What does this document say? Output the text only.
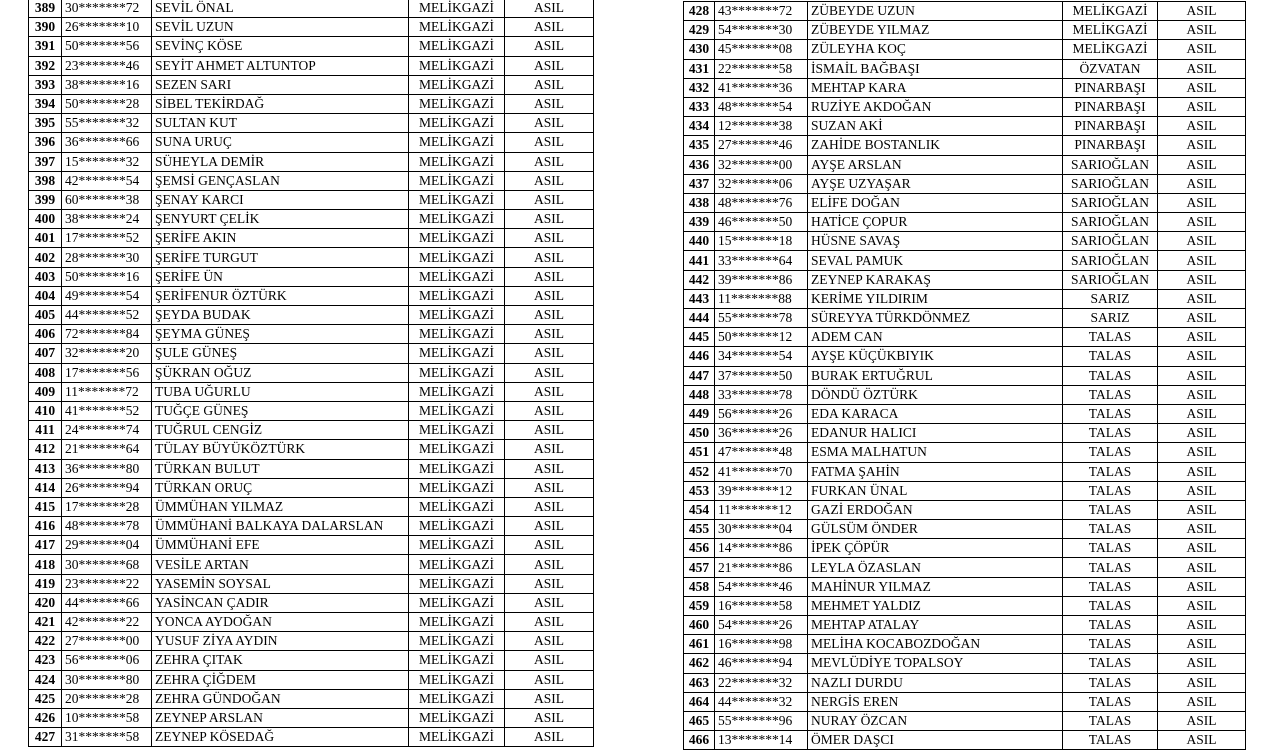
389	30*******72	SEVİL ÖNAL	MELİKGAZİ	ASIL
390	26*******10	SEVİL UZUN	MELİKGAZİ	ASIL
391	50*******56	SEVİNÇ KÖSE	MELİKGAZİ	ASIL
392	23*******46	SEYİT AHMET ALTUNTOP	MELİKGAZİ	ASIL
393	38*******16	SEZEN SARI	MELİKGAZİ	ASIL
394	50*******28	SİBEL TEKİRDAĞ	MELİKGAZİ	ASIL
395	55*******32	SULTAN KUT	MELİKGAZİ	ASIL
396	36*******66	SUNA URUÇ	MELİKGAZİ	ASIL
397	15*******32	SÜHEYLA DEMİR	MELİKGAZİ	ASIL
398	42*******54	ŞEMSİ GENÇASLAN	MELİKGAZİ	ASIL
399	60*******38	ŞENAY KARCI	MELİKGAZİ	ASIL
400	38*******24	ŞENYURT ÇELİK	MELİKGAZİ	ASIL
401	17*******52	ŞERİFE AKIN	MELİKGAZİ	ASIL
402	28*******30	ŞERİFE TURGUT	MELİKGAZİ	ASIL
403	50*******16	ŞERİFE ÜN	MELİKGAZİ	ASIL
404	49*******54	ŞERİFENUR ÖZTÜRK	MELİKGAZİ	ASIL
405	44*******52	ŞEYDA BUDAK	MELİKGAZİ	ASIL
406	72*******84	ŞEYMA GÜNEŞ	MELİKGAZİ	ASIL
407	32*******20	ŞULE GÜNEŞ	MELİKGAZİ	ASIL
408	17*******56	ŞÜKRAN OĞUZ	MELİKGAZİ	ASIL
409	11*******72	TUBA UĞURLU	MELİKGAZİ	ASIL
410	41*******52	TUĞÇE GÜNEŞ	MELİKGAZİ	ASIL
411	24*******74	TUĞRUL CENGİZ	MELİKGAZİ	ASIL
412	21*******64	TÜLAY BÜYÜKÖZTÜRK	MELİKGAZİ	ASIL
413	36*******80	TÜRKAN BULUT	MELİKGAZİ	ASIL
414	26*******94	TÜRKAN ORUÇ	MELİKGAZİ	ASIL
415	17*******28	ÜMMÜHAN YILMAZ	MELİKGAZİ	ASIL
416	48*******78	ÜMMÜHANİ BALKAYA DALARSLAN	MELİKGAZİ	ASIL
417	29*******04	ÜMMÜHANİ EFE	MELİKGAZİ	ASIL
418	30*******68	VESİLE ARTAN	MELİKGAZİ	ASIL
419	23*******22	YASEMİN SOYSAL	MELİKGAZİ	ASIL
420	44*******66	YASİNCAN ÇADIR	MELİKGAZİ	ASIL
421	42*******22	YONCA AYDOĞAN	MELİKGAZİ	ASIL
422	27*******00	YUSUF ZİYA AYDIN	MELİKGAZİ	ASIL
423	56*******06	ZEHRA ÇITAK	MELİKGAZİ	ASIL
424	30*******80	ZEHRA ÇİĞDEM	MELİKGAZİ	ASIL
425	20*******28	ZEHRA GÜNDOĞAN	MELİKGAZİ	ASIL
426	10*******58	ZEYNEP ARSLAN	MELİKGAZİ	ASIL
427	31*******58	ZEYNEP KÖSEDAĞ	MELİKGAZİ	ASIL
428	43*******72	ZÜBEYDE UZUN	MELİKGAZİ	ASIL
429	54*******30	ZÜBEYDE YILMAZ	MELİKGAZİ	ASIL
430	45*******08	ZÜLEYHA KOÇ	MELİKGAZİ	ASIL
431	22*******58	İSMAİL BAĞBAŞI	ÖZVATAN	ASIL
432	41*******36	MEHTAP KARA	PINARBAŞI	ASIL
433	48*******54	RUZİYE AKDOĞAN	PINARBAŞI	ASIL
434	12*******38	SUZAN AKİ	PINARBAŞI	ASIL
435	27*******46	ZAHİDE BOSTANLIK	PINARBAŞI	ASIL
436	32*******00	AYŞE ARSLAN	SARIOĞLAN	ASIL
437	32*******06	AYŞE UZYAŞAR	SARIOĞLAN	ASIL
438	48*******76	ELİFE DOĞAN	SARIOĞLAN	ASIL
439	46*******50	HATİCE ÇOPUR	SARIOĞLAN	ASIL
440	15*******18	HÜSNE SAVAŞ	SARIOĞLAN	ASIL
441	33*******64	SEVAL PAMUK	SARIOĞLAN	ASIL
442	39*******86	ZEYNEP KARAKAŞ	SARIOĞLAN	ASIL
443	11*******88	KERİME YILDIRIM	SARIZ	ASIL
444	55*******78	SÜREYYA TÜRKDÖNMEZ	SARIZ	ASIL
445	50*******12	ADEM CAN	TALAS	ASIL
446	34*******54	AYŞE KÜÇÜKBIYIK	TALAS	ASIL
447	37*******50	BURAK ERTUĞRUL	TALAS	ASIL
448	33*******78	DÖNDÜ ÖZTÜRK	TALAS	ASIL
449	56*******26	EDA KARACA	TALAS	ASIL
450	36*******26	EDANUR HALICI	TALAS	ASIL
451	47*******48	ESMA MALHATUN	TALAS	ASIL
452	41*******70	FATMA ŞAHİN	TALAS	ASIL
453	39*******12	FURKAN ÜNAL	TALAS	ASIL
454	11*******12	GAZİ ERDOĞAN	TALAS	ASIL
455	30*******04	GÜLSÜM ÖNDER	TALAS	ASIL
456	14*******86	İPEK ÇÖPÜR	TALAS	ASIL
457	21*******86	LEYLA ÖZASLAN	TALAS	ASIL
458	54*******46	MAHİNUR YILMAZ	TALAS	ASIL
459	16*******58	MEHMET YALDIZ	TALAS	ASIL
460	54*******26	MEHTAP ATALAY	TALAS	ASIL
461	16*******98	MELİHA KOCABOZDOĞAN	TALAS	ASIL
462	46*******94	MEVLÜDİYE TOPALSOY	TALAS	ASIL
463	22*******32	NAZLI DURDU	TALAS	ASIL
464	44*******32	NERGİS EREN	TALAS	ASIL
465	55*******96	NURAY ÖZCAN	TALAS	ASIL
466	13*******14	ÖMER DAŞCI	TALAS	ASIL
